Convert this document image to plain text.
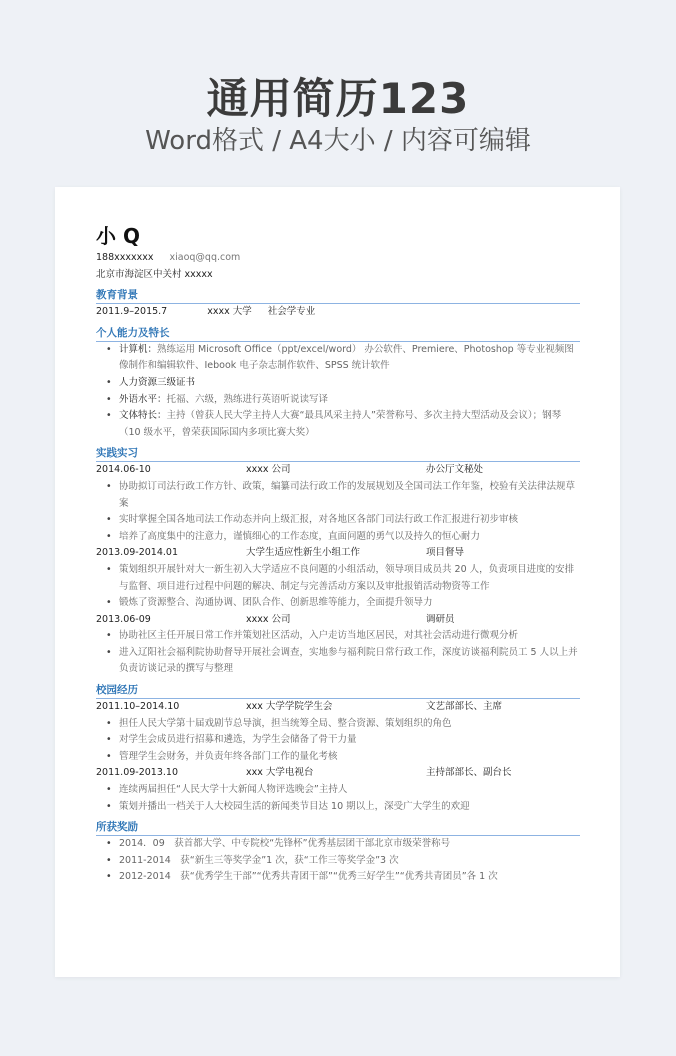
通用简历123
Word格式 / A4大小 / 内容可编辑
小 Q
188xxxxxxx xiaoq@qq.com
北京市海淀区中关村 xxxxx
教育背景
2011.9–2015.7	xxxx 大学 社会学专业
个人能力及特长
• 计算机：熟练运用 Microsoft Office（ppt/excel/word） 办公软件、Premiere、Photoshop 等专业视频图像制作和编辑软件、Iebook 电子杂志制作软件、SPSS 统计软件
• 人力资源三级证书
• 外语水平：托福、六级，熟练进行英语听说读写译
• 文体特长：主持（曾获人民大学主持人大赛“最具风采主持人”荣誉称号、多次主持大型活动及会议）；钢琴（10 级水平，曾荣获国际国内多项比赛大奖）
实践实习
2014.06-10	xxxx 公司	办公厅文秘处
• 协助拟订司法行政工作方针、政策，编纂司法行政工作的发展规划及全国司法工作年鉴，校验有关法律法规草案
• 实时掌握全国各地司法工作动态并向上级汇报，对各地区各部门司法行政工作汇报进行初步审核
• 培养了高度集中的注意力，谨慎细心的工作态度，直面问题的勇气以及持久的恒心耐力
2013.09-2014.01	大学生适应性新生小组工作	项目督导
• 策划组织开展针对大一新生初入大学适应不良问题的小组活动，领导项目成员共 20 人，负责项目进度的安排与监督、项目进行过程中问题的解决、制定与完善活动方案以及审批报销活动物资等工作
• 锻炼了资源整合、沟通协调、团队合作、创新思维等能力，全面提升领导力
2013.06-09	xxxx 公司	调研员
• 协助社区主任开展日常工作并策划社区活动，入户走访当地区居民，对其社会活动进行微观分析
• 进入辽阳社会福利院协助督导开展社会调查，实地参与福利院日常行政工作，深度访谈福利院员工 5 人以上并负责访谈记录的撰写与整理
校园经历
2011.10–2014.10	xxx 大学学院学生会	文艺部部长、主席
• 担任人民大学第十届戏剧节总导演，担当统筹全局、整合资源、策划组织的角色
• 对学生会成员进行招募和遴选，为学生会储备了骨干力量
• 管理学生会财务，并负责年终各部门工作的量化考核
2011.09-2013.10	xxx 大学电视台	主持部部长、副台长
• 连续两届担任“人民大学十大新闻人物评选晚会”主持人
• 策划并播出一档关于人大校园生活的新闻类节目达 10 期以上，深受广大学生的欢迎
所获奖励
• 2014．09　获首都大学、中专院校“先锋杯”优秀基层团干部北京市级荣誉称号
• 2011-2014　获“新生三等奖学金”1 次，获“工作三等奖学金”3 次
• 2012-2014　获“优秀学生干部”“优秀共青团干部”“优秀三好学生”“优秀共青团员”各 1 次
